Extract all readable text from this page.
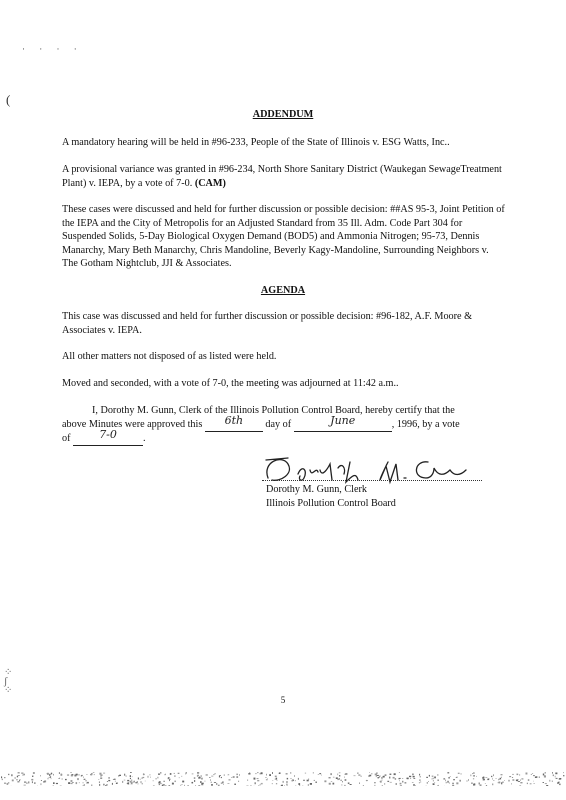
· · · ·
(
ADDENDUM

A mandatory hearing will be held in #96-233, People of the State of Illinois v. ESG Watts, Inc..

A provisional variance was granted in #96-234, North Shore Sanitary District (Waukegan SewageTreatment Plant) v. IEPA, by a vote of 7-0. (CAM)

These cases were discussed and held for further discussion or possible decision: ##AS 95-3, Joint Petition of the IEPA and the City of Metropolis for an Adjusted Standard from 35 Ill. Adm. Code Part 304 for Suspended Solids, 5-Day Biological Oxygen Demand (BOD5) and Ammonia Nitrogen; 95-73, Dennis Manarchy, Mary Beth Manarchy, Chris Mandoline, Beverly Kagy-Mandoline, Surrounding Neighbors v. The Gotham Nightclub, JJI & Associates.

AGENDA

This case was discussed and held for further discussion or possible decision: #96-182, A.F. Moore & Associates v. IEPA.

All other matters not disposed of as listed were held.

Moved and seconded, with a vote of 7-0, the meeting was adjourned at 11:42 a.m..

I, Dorothy M. Gunn, Clerk of the Illinois Pollution Control Board, hereby certify that the
above Minutes were approved this 6th day of	June	, 1996, by a vote
of	7-0	.
Dorothy M. Gunn, Clerk
Illinois Pollution Control Board
⁘
ʃ
⁘
5
